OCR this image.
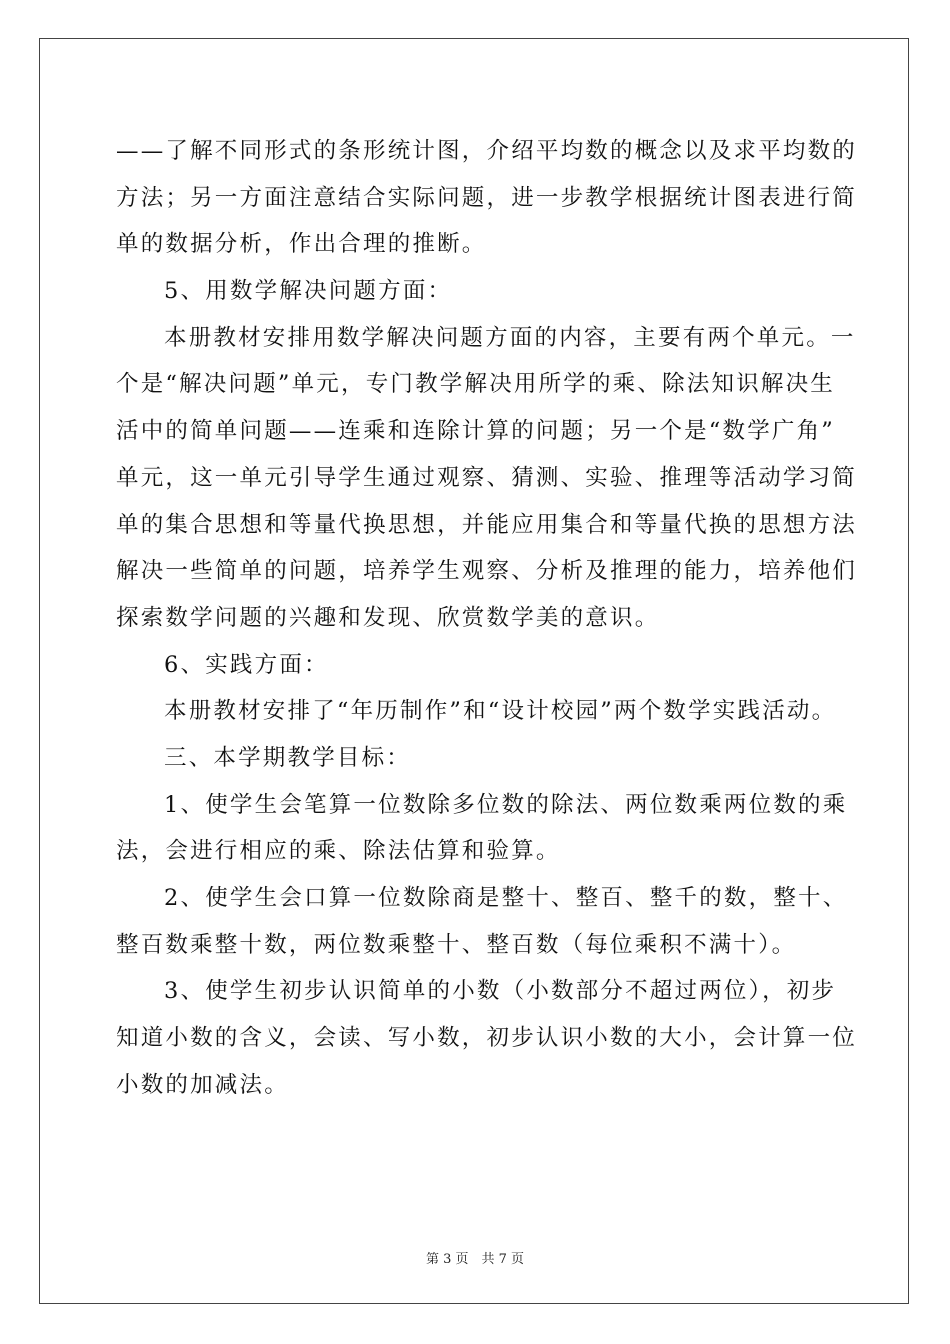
——了解不同形式的条形统计图，介绍平均数的概念以及求平均数的
方法；另一方面注意结合实际问题，进一步教学根据统计图表进行简
单的数据分析，作出合理的推断。
5、用数学解决问题方面：
本册教材安排用数学解决问题方面的内容，主要有两个单元。一
个是“解决问题”单元，专门教学解决用所学的乘、除法知识解决生
活中的简单问题——连乘和连除计算的问题；另一个是“数学广角”
单元，这一单元引导学生通过观察、猜测、实验、推理等活动学习简
单的集合思想和等量代换思想，并能应用集合和等量代换的思想方法
解决一些简单的问题，培养学生观察、分析及推理的能力，培养他们
探索数学问题的兴趣和发现、欣赏数学美的意识。
6、实践方面：
本册教材安排了“年历制作”和“设计校园”两个数学实践活动。
三、本学期教学目标：
1、使学生会笔算一位数除多位数的除法、两位数乘两位数的乘
法，会进行相应的乘、除法估算和验算。
2、使学生会口算一位数除商是整十、整百、整千的数，整十、
整百数乘整十数，两位数乘整十、整百数（每位乘积不满十）。
3、使学生初步认识简单的小数（小数部分不超过两位），初步
知道小数的含义，会读、写小数，初步认识小数的大小，会计算一位
小数的加减法。
第 3 页　共 7 页
